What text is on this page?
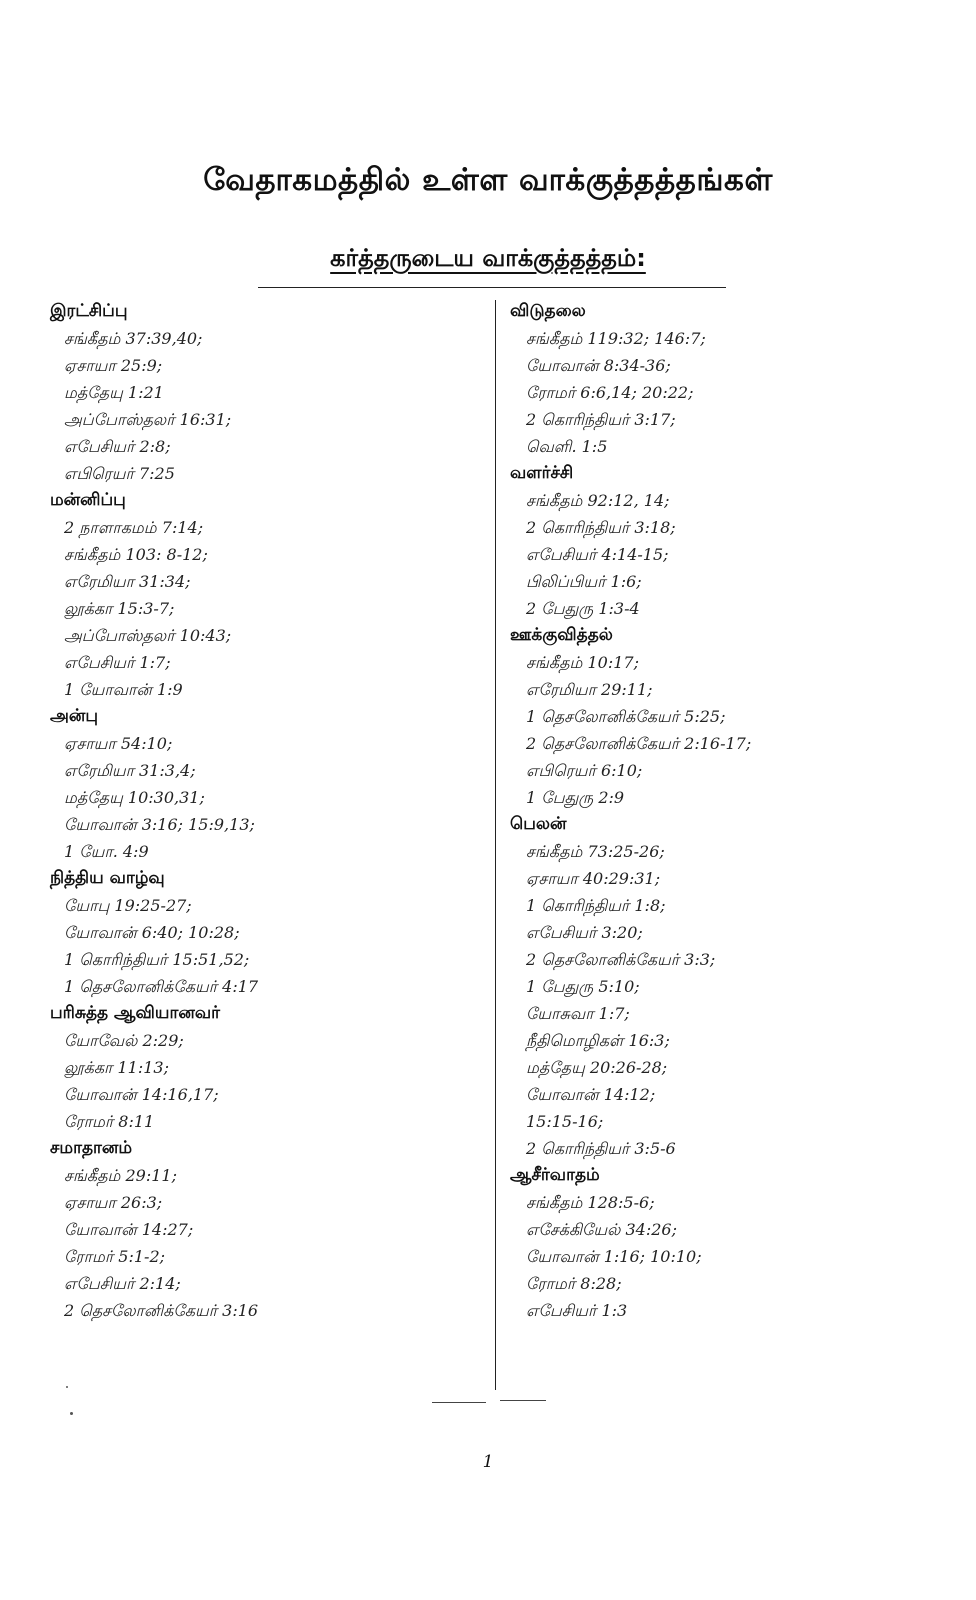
வேதாகமத்தில் உள்ள வாக்குத்தத்தங்கள்
கர்த்தருடைய வாக்குத்தத்தம்:
இரட்சிப்பு
சங்கீதம் 37:39,40;
ஏசாயா 25:9;
மத்தேயு 1:21
அப்போஸ்தலர் 16:31;
எபேசியர் 2:8;
எபிரெயர் 7:25
மன்னிப்பு
2 நாளாகமம் 7:14;
சங்கீதம் 103: 8-12;
எரேமியா 31:34;
லூக்கா 15:3-7;
அப்போஸ்தலர் 10:43;
எபேசியர் 1:7;
1 யோவான் 1:9
அன்பு
ஏசாயா 54:10;
எரேமியா 31:3,4;
மத்தேயு 10:30,31;
யோவான் 3:16; 15:9,13;
1 யோ. 4:9
நித்திய வாழ்வு
யோபு 19:25-27;
யோவான் 6:40; 10:28;
1 கொரிந்தியர் 15:51,52;
1 தெசலோனிக்கேயர் 4:17
பரிசுத்த ஆவியானவர்
யோவேல் 2:29;
லூக்கா 11:13;
யோவான் 14:16,17;
ரோமர் 8:11
சமாதானம்
சங்கீதம் 29:11;
ஏசாயா 26:3;
யோவான் 14:27;
ரோமர் 5:1-2;
எபேசியர் 2:14;
2 தெசலோனிக்கேயர் 3:16
விடுதலை
சங்கீதம் 119:32; 146:7;
யோவான் 8:34-36;
ரோமர் 6:6,14; 20:22;
2 கொரிந்தியர் 3:17;
வெளி. 1:5
வளர்ச்சி
சங்கீதம் 92:12, 14;
2 கொரிந்தியர் 3:18;
எபேசியர் 4:14-15;
பிலிப்பியர் 1:6;
2 பேதுரு 1:3-4
ஊக்குவித்தல்
சங்கீதம் 10:17;
எரேமியா 29:11;
1 தெசலோனிக்கேயர் 5:25;
2 தெசலோனிக்கேயர் 2:16-17;
எபிரெயர் 6:10;
1 பேதுரு 2:9
பெலன்
சங்கீதம் 73:25-26;
ஏசாயா 40:29:31;
1 கொரிந்தியர் 1:8;
எபேசியர் 3:20;
2 தெசலோனிக்கேயர் 3:3;
1 பேதுரு 5:10;
யோசுவா 1:7;
நீதிமொழிகள் 16:3;
மத்தேயு 20:26-28;
யோவான் 14:12;
15:15-16;
2 கொரிந்தியர் 3:5-6
ஆசீர்வாதம்
சங்கீதம் 128:5-6;
எசேக்கியேல் 34:26;
யோவான் 1:16; 10:10;
ரோமர் 8:28;
எபேசியர் 1:3
1
